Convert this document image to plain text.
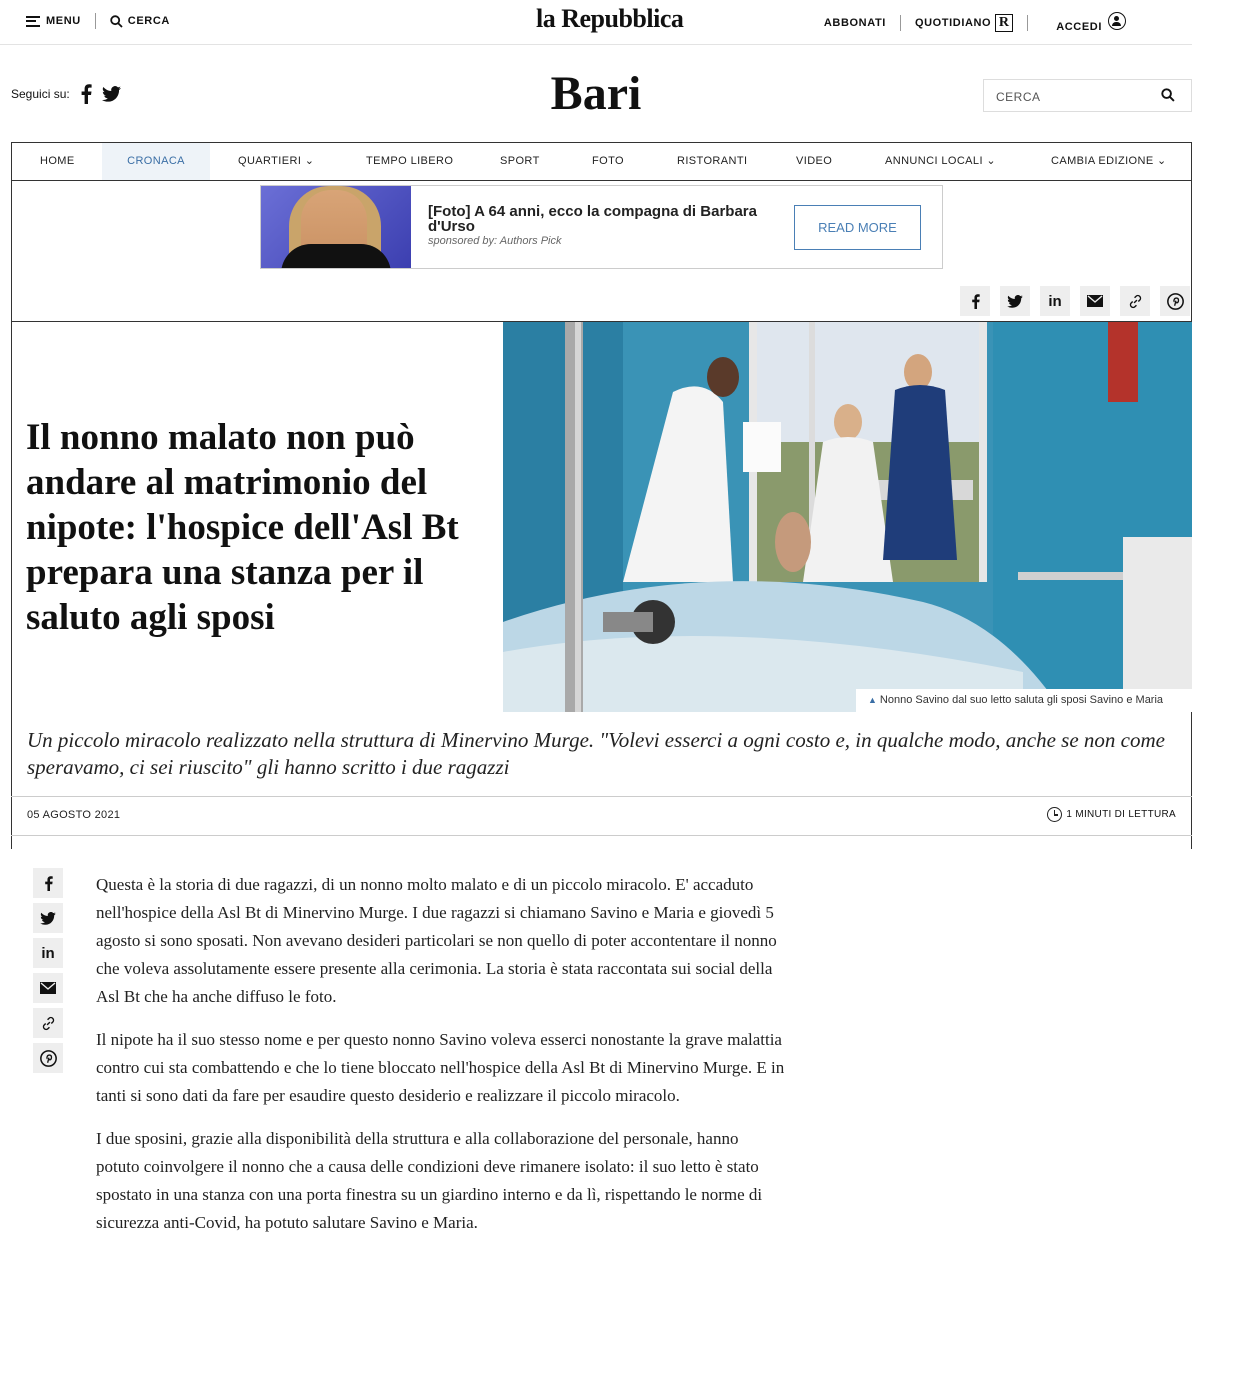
MENU	CERCA	la Repubblica	ABBONATI	QUOTIDIANO R	ACCEDI
Seguici su:	Bari	CERCA
HOME	CRONACA	QUARTIERI ⌄	TEMPO LIBERO	SPORT	FOTO	RISTORANTI	VIDEO	ANNUNCI LOCALI ⌄	CAMBIA EDIZIONE ⌄
[Foto] A 64 anni, ecco la compagna di Barbara d'Urso
sponsored by: Authors Pick
READ MORE
in
Il nonno malato non può andare al matrimonio del nipote: l'hospice dell'Asl Bt prepara una stanza per il saluto agli sposi
▲ Nonno Savino dal suo letto saluta gli sposi Savino e Maria

Un piccolo miracolo realizzato nella struttura di Minervino Murge. "Volevi esserci a ogni costo e, in qualche modo, anche se non come speravamo, ci sei riuscito" gli hanno scritto i due ragazzi

05 AGOSTO 2021	1 MINUTI DI LETTURA
in

Questa è la storia di due ragazzi, di un nonno molto malato e di un piccolo miracolo. E' accaduto nell'hospice della Asl Bt di Minervino Murge. I due ragazzi si chiamano Savino e Maria e giovedì 5 agosto si sono sposati. Non avevano desideri particolari se non quello di poter accontentare il nonno che voleva assolutamente essere presente alla cerimonia. La storia è stata raccontata sui social della Asl Bt che ha anche diffuso le foto.

Il nipote ha il suo stesso nome e per questo nonno Savino voleva esserci nonostante la grave malattia contro cui sta combattendo e che lo tiene bloccato nell'hospice della Asl Bt di Minervino Murge. E in tanti si sono dati da fare per esaudire questo desiderio e realizzare il piccolo miracolo.

I due sposini, grazie alla disponibilità della struttura e alla collaborazione del personale, hanno potuto coinvolgere il nonno che a causa delle condizioni deve rimanere isolato: il suo letto è stato spostato in una stanza con una porta finestra su un giardino interno e da lì, rispettando le norme di sicurezza anti-Covid, ha potuto salutare Savino e Maria.
